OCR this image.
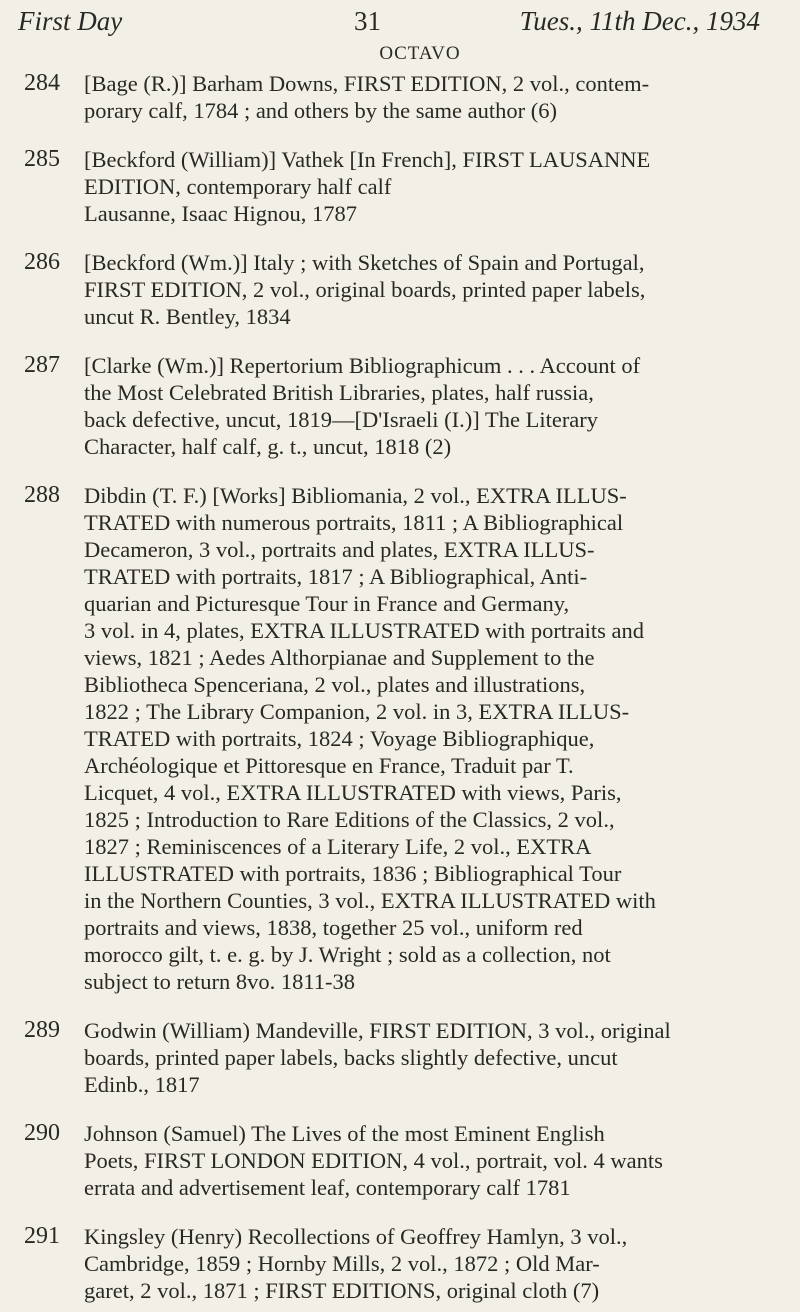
First Day	31	Tues., 11th Dec., 1934
OCTAVO
284	[Bage (R.)] Barham Downs, FIRST EDITION, 2 vol., contem-
porary calf, 1784 ; and others by the same author (6)
285	[Beckford (William)] Vathek [In French], FIRST LAUSANNE
EDITION, contemporary half calf
Lausanne, Isaac Hignou, 1787
286	[Beckford (Wm.)] Italy ; with Sketches of Spain and Portugal,
FIRST EDITION, 2 vol., original boards, printed paper labels,
uncut R. Bentley, 1834
287	[Clarke (Wm.)] Repertorium Bibliographicum . . . Account of
the Most Celebrated British Libraries, plates, half russia,
back defective, uncut, 1819—[D'Israeli (I.)] The Literary
Character, half calf, g. t., uncut, 1818 (2)
288	Dibdin (T. F.) [Works] Bibliomania, 2 vol., EXTRA ILLUS-
TRATED with numerous portraits, 1811 ; A Bibliographical
Decameron, 3 vol., portraits and plates, EXTRA ILLUS-
TRATED with portraits, 1817 ; A Bibliographical, Anti-
quarian and Picturesque Tour in France and Germany,
3 vol. in 4, plates, EXTRA ILLUSTRATED with portraits and
views, 1821 ; Aedes Althorpianae and Supplement to the
Bibliotheca Spenceriana, 2 vol., plates and illustrations,
1822 ; The Library Companion, 2 vol. in 3, EXTRA ILLUS-
TRATED with portraits, 1824 ; Voyage Bibliographique,
Archéologique et Pittoresque en France, Traduit par T.
Licquet, 4 vol., EXTRA ILLUSTRATED with views, Paris,
1825 ; Introduction to Rare Editions of the Classics, 2 vol.,
1827 ; Reminiscences of a Literary Life, 2 vol., EXTRA
ILLUSTRATED with portraits, 1836 ; Bibliographical Tour
in the Northern Counties, 3 vol., EXTRA ILLUSTRATED with
portraits and views, 1838, together 25 vol., uniform red
morocco gilt, t. e. g. by J. Wright ; sold as a collection, not
subject to return 8vo. 1811-38
289	Godwin (William) Mandeville, FIRST EDITION, 3 vol., original
boards, printed paper labels, backs slightly defective, uncut
Edinb., 1817
290	Johnson (Samuel) The Lives of the most Eminent English
Poets, FIRST LONDON EDITION, 4 vol., portrait, vol. 4 wants
errata and advertisement leaf, contemporary calf 1781
291	Kingsley (Henry) Recollections of Geoffrey Hamlyn, 3 vol.,
Cambridge, 1859 ; Hornby Mills, 2 vol., 1872 ; Old Mar-
garet, 2 vol., 1871 ; FIRST EDITIONS, original cloth (7)
